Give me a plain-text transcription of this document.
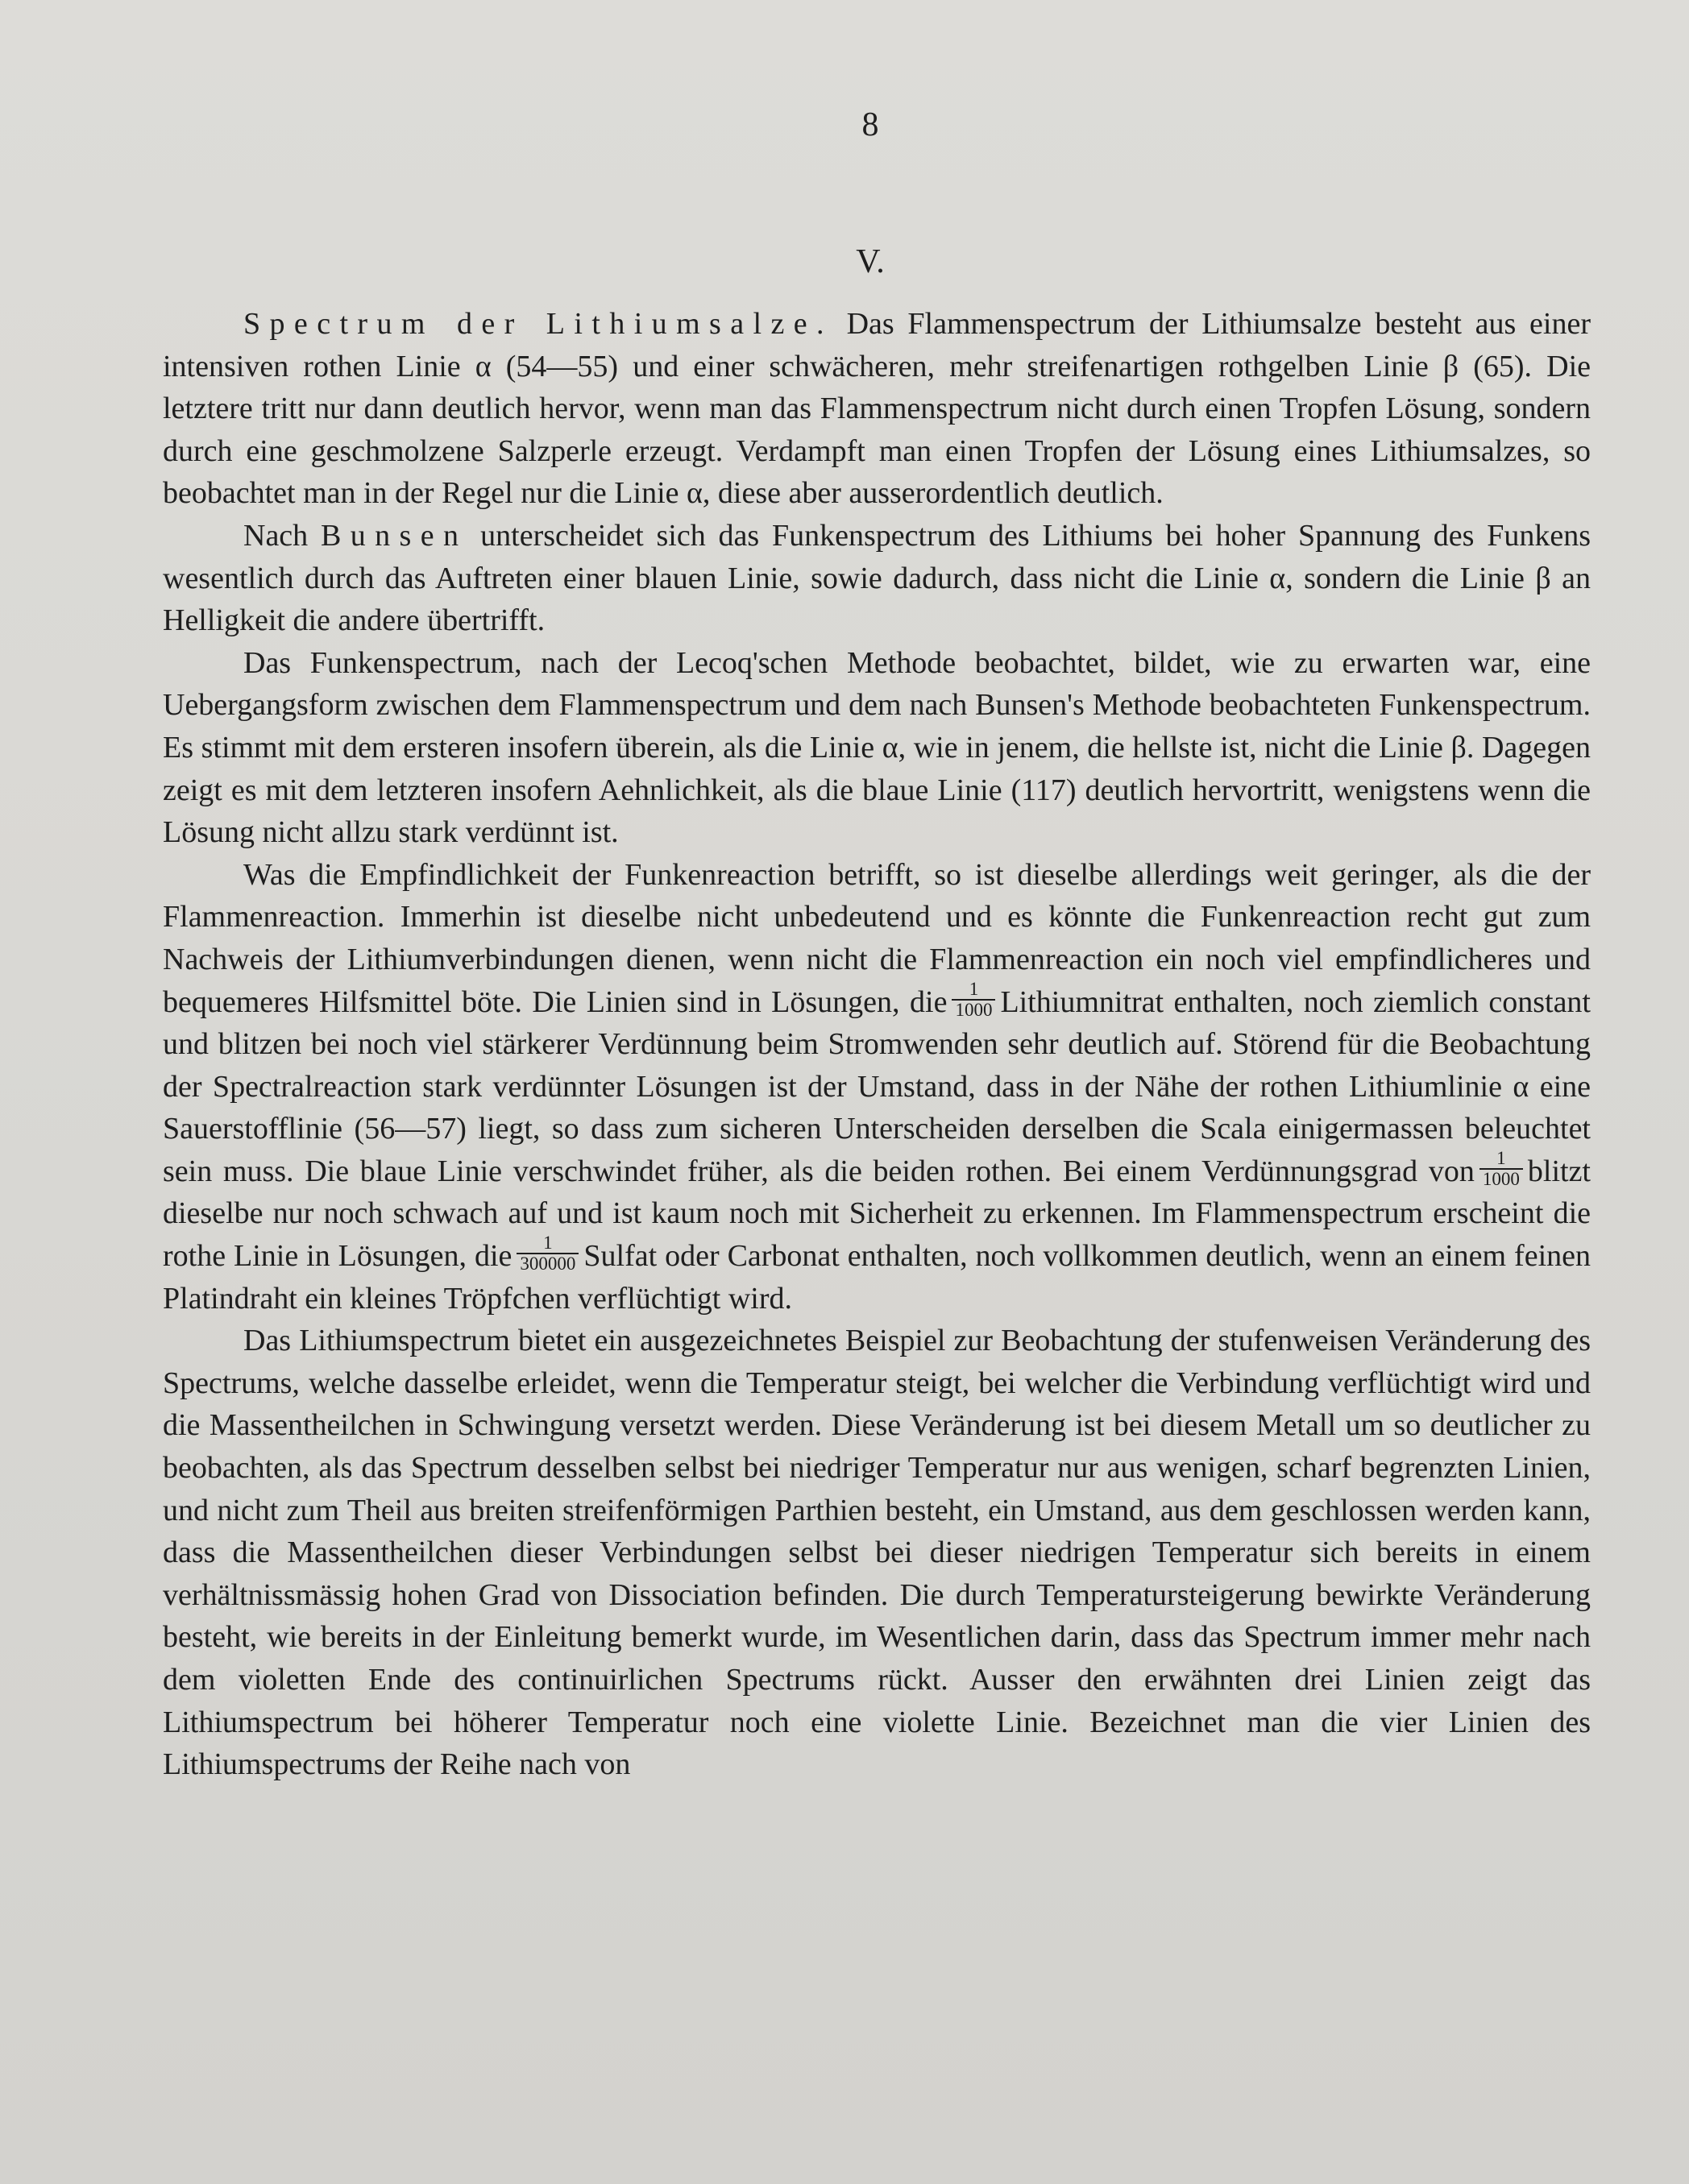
8
V.

Spectrum der Lithiumsalze. Das Flammenspectrum der Lithiumsalze besteht aus einer intensiven rothen Linie α (54—55) und einer schwächeren, mehr streifenartigen rothgelben Linie β (65). Die letztere tritt nur dann deutlich hervor, wenn man das Flammenspectrum nicht durch einen Tropfen Lösung, sondern durch eine geschmolzene Salzperle erzeugt. Verdampft man einen Tropfen der Lösung eines Lithiumsalzes, so beobachtet man in der Regel nur die Linie α, diese aber ausserordentlich deutlich.

Nach Bunsen unterscheidet sich das Funkenspectrum des Lithiums bei hoher Spannung des Funkens wesentlich durch das Auftreten einer blauen Linie, sowie dadurch, dass nicht die Linie α, sondern die Linie β an Helligkeit die andere übertrifft.

Das Funkenspectrum, nach der Lecoq'schen Methode beobachtet, bildet, wie zu erwarten war, eine Uebergangsform zwischen dem Flammenspectrum und dem nach Bunsen's Methode beobachteten Funkenspectrum. Es stimmt mit dem ersteren insofern überein, als die Linie α, wie in jenem, die hellste ist, nicht die Linie β. Dagegen zeigt es mit dem letzteren insofern Aehnlichkeit, als die blaue Linie (117) deutlich hervortritt, wenigstens wenn die Lösung nicht allzu stark verdünnt ist.

Was die Empfindlichkeit der Funkenreaction betrifft, so ist dieselbe allerdings weit geringer, als die der Flammenreaction. Immerhin ist dieselbe nicht unbedeutend und es könnte die Funkenreaction recht gut zum Nachweis der Lithiumverbindungen dienen, wenn nicht die Flammenreaction ein noch viel empfindlicheres und bequemeres Hilfsmittel böte. Die Linien sind in Lösungen, die $\frac{1}{1000}$ Lithiumnitrat enthalten, noch ziemlich constant und blitzen bei noch viel stärkerer Verdünnung beim Stromwenden sehr deutlich auf. Störend für die Beobachtung der Spectralreaction stark verdünnter Lösungen ist der Umstand, dass in der Nähe der rothen Lithiumlinie α eine Sauerstofflinie (56—57) liegt, so dass zum sicheren Unterscheiden derselben die Scala einigermassen beleuchtet sein muss. Die blaue Linie verschwindet früher, als die beiden rothen. Bei einem Verdünnungsgrad von $\frac{1}{1000}$ blitzt dieselbe nur noch schwach auf und ist kaum noch mit Sicherheit zu erkennen. Im Flammenspectrum erscheint die rothe Linie in Lösungen, die $\frac{1}{300000}$ Sulfat oder Carbonat enthalten, noch vollkommen deutlich, wenn an einem feinen Platindraht ein kleines Tröpfchen verflüchtigt wird.

Das Lithiumspectrum bietet ein ausgezeichnetes Beispiel zur Beobachtung der stufenweisen Veränderung des Spectrums, welche dasselbe erleidet, wenn die Temperatur steigt, bei welcher die Verbindung verflüchtigt wird und die Massentheilchen in Schwingung versetzt werden. Diese Veränderung ist bei diesem Metall um so deutlicher zu beobachten, als das Spectrum desselben selbst bei niedriger Temperatur nur aus wenigen, scharf begrenzten Linien, und nicht zum Theil aus breiten streifenförmigen Parthien besteht, ein Umstand, aus dem geschlossen werden kann, dass die Massentheilchen dieser Verbindungen selbst bei dieser niedrigen Temperatur sich bereits in einem verhältnissmässig hohen Grad von Dissociation befinden. Die durch Temperatursteigerung bewirkte Veränderung besteht, wie bereits in der Einleitung bemerkt wurde, im Wesentlichen darin, dass das Spectrum immer mehr nach dem violetten Ende des continuirlichen Spectrums rückt. Ausser den erwähnten drei Linien zeigt das Lithiumspectrum bei höherer Temperatur noch eine violette Linie. Bezeichnet man die vier Linien des Lithiumspectrums der Reihe nach von
